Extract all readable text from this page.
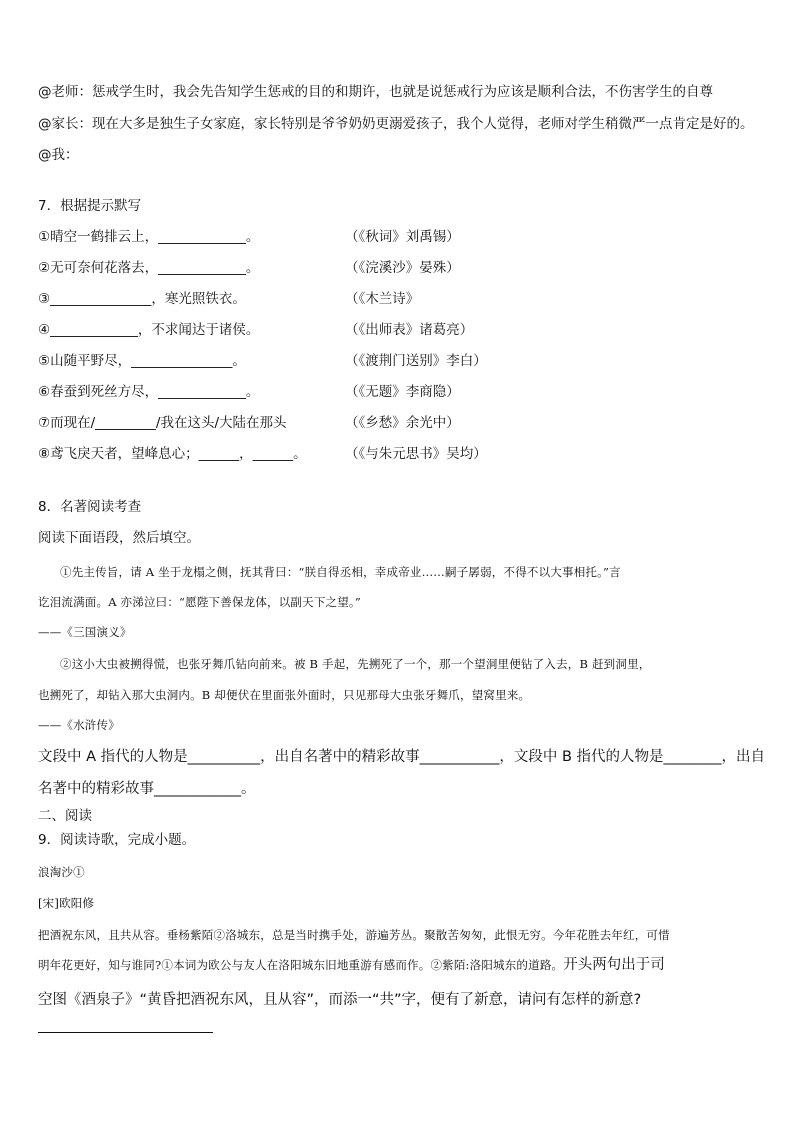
@老师：惩戒学生时，我会先告知学生惩戒的目的和期许，也就是说惩戒行为应该是顺利合法，不伤害学生的自尊
@家长：现在大多是独生子女家庭，家长特别是爷爷奶奶更溺爱孩子，我个人觉得，老师对学生稍微严一点肯定是好的。
@我：
7．根据提示默写
①晴空一鹤排云上，_____________。	（《秋词》刘禹锡）
②无可奈何花落去，_____________。	（《浣溪沙》晏殊）
③_______________，寒光照铁衣。	（《木兰诗》
④_____________，不求闻达于诸侯。	（《出师表》诸葛亮）
⑤山随平野尽，_______________。	（《渡荆门送别》李白）
⑥春蚕到死丝方尽，_____________。	（《无题》李商隐）
⑦而现在/_________/我在这头/大陆在那头	（《乡愁》余光中）
⑧鸢飞戾天者，望峰息心；______，______。	（《与朱元思书》吴均）
8．名著阅读考查
阅读下面语段，然后填空。
①先主传旨，请 A 坐于龙榻之侧，抚其背曰：“朕自得丞相，幸成帝业……嗣子孱弱，不得不以大事相托。”言
讫泪流满面。A 亦涕泣曰：“愿陛下善保龙体，以副天下之望。”
——《三国演义》
②这小大虫被搠得慌，也张牙舞爪钻向前来。被 B 手起，先搠死了一个，那一个望洞里便钻了入去，B 赶到洞里，
也搠死了，却钻入那大虫洞内。B 却便伏在里面张外面时，只见那母大虫张牙舞爪，望窝里来。
——《水浒传》
文段中 A 指代的人物是__________，出自名著中的精彩故事___________，文段中 B 指代的人物是________，出自
名著中的精彩故事____________。
二、阅读
9．阅读诗歌，完成小题。
浪淘沙①
[宋]欧阳修
把酒祝东风，且共从容。垂杨紫陌②洛城东，总是当时携手处，游遍芳丛。聚散苦匆匆，此恨无穷。今年花胜去年红，可惜
明年花更好，知与谁同?①本词为欧公与友人在洛阳城东旧地重游有感而作。②紫陌:洛阳城东的道路。开头两句出于司
空图《酒泉子》“黄昏把酒祝东风，且从容”，而添一“共”字，便有了新意，请问有怎样的新意?
